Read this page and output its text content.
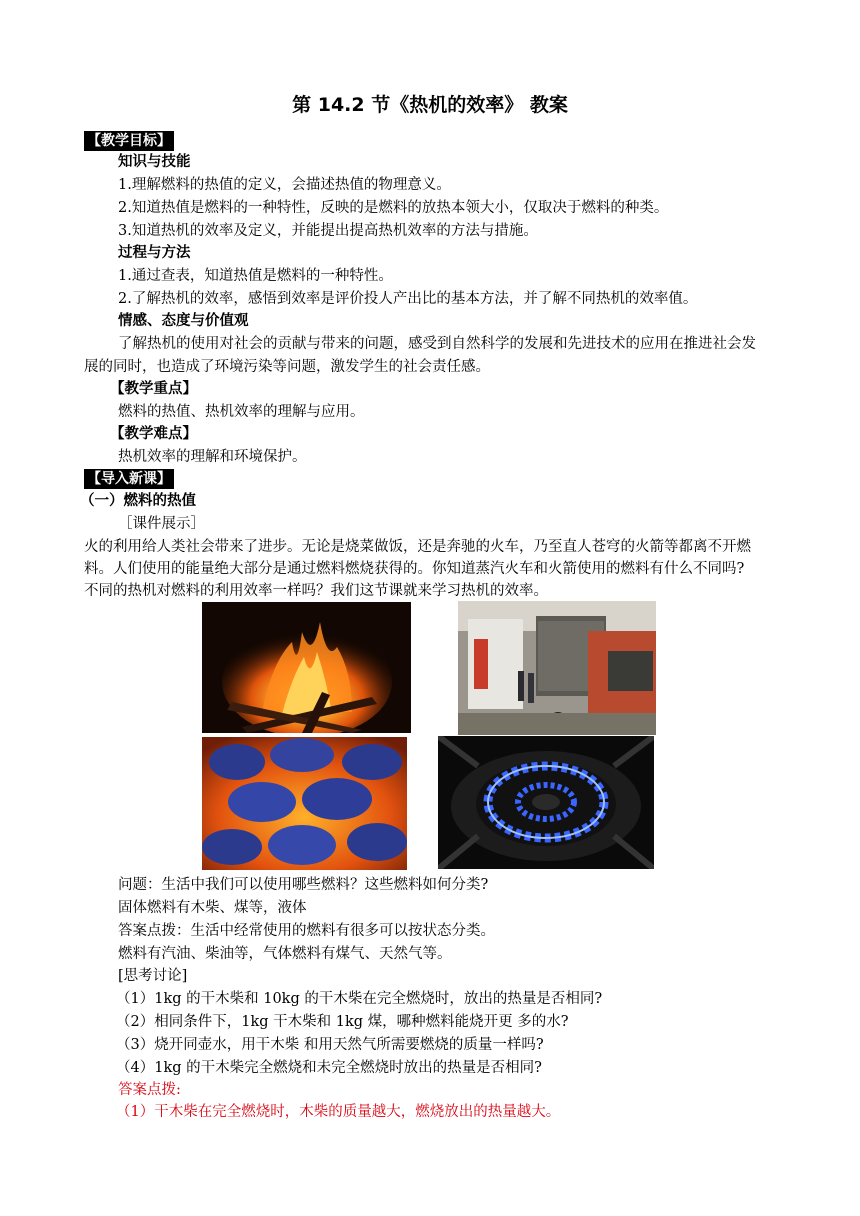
第 14.2 节《热机的效率》 教案
【教学目标】
知识与技能
1.理解燃料的热值的定义，会描述热值的物理意义。
2.知道热值是燃料的一种特性，反映的是燃料的放热本领大小，仅取决于燃料的种类。
3.知道热机的效率及定义，并能提出提高热机效率的方法与措施。
过程与方法
1.通过查表，知道热值是燃料的一种特性。
2.了解热机的效率，感悟到效率是评价投人产出比的基本方法，并了解不同热机的效率值。
情感、态度与价值观
了解热机的使用对社会的贡献与带来的问题，感受到自然科学的发展和先进技术的应用在推进社会发
展的同时，也造成了环境污染等问题，激发学生的社会责任感。
【教学重点】
燃料的热值、热机效率的理解与应用。
【教学难点】
热机效率的理解和环境保护。
【导入新课】
（一）燃料的热值
［课件展示］
火的利用给人类社会带来了进步。无论是烧菜做饭，还是奔驰的火车，乃至直人苍穹的火箭等都离不开燃
料。人们使用的能量绝大部分是通过燃料燃烧获得的。你知道蒸汽火车和火箭使用的燃料有什么不同吗?
不同的热机对燃料的利用效率一样吗？我们这节课就来学习热机的效率。
问题：生活中我们可以使用哪些燃料？这些燃料如何分类?
固体燃料有木柴、煤等，液体
答案点拨：生活中经常使用的燃料有很多可以按状态分类。
燃料有汽油、柴油等，气体燃料有煤气、天然气等。
[思考讨论]
（1）1kg 的干木柴和 10kg 的干木柴在完全燃烧时，放出的热量是否相同?
（2）相同条件下，1kg 干木柴和 1kg 煤，哪种燃料能烧开更 多的水?
（3）烧开同壶水，用干木柴 和用天然气所需要燃烧的质量一样吗?
（4）1kg 的干木柴完全燃烧和未完全燃烧时放出的热量是否相同?
答案点拨:
（1）干木柴在完全燃烧时，木柴的质量越大，燃烧放出的热量越大。
